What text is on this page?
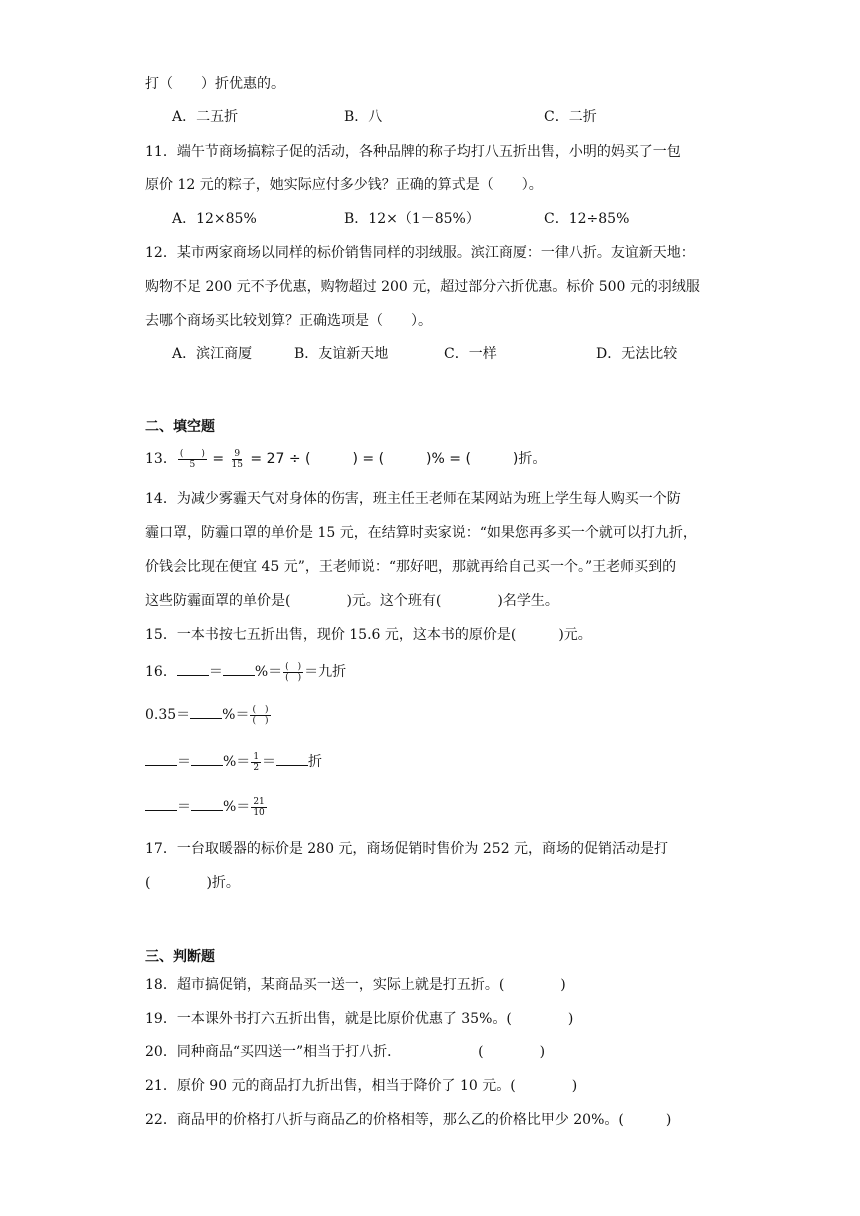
打（　　）折优惠的。
A．二五折	B．八	C．二折
11．端午节商场搞粽子促的活动，各种品牌的称子均打八五折出售，小明的妈买了一包
原价 12 元的粽子，她实际应付多少钱？正确的算式是（　　）。
A．12×85%	B．12×（1－85%）	C．12÷85%
12．某市两家商场以同样的标价销售同样的羽绒服。滨江商厦：一律八折。友谊新天地：
购物不足 200 元不予优惠，购物超过 200 元，超过部分六折优惠。标价 500 元的羽绒服
去哪个商场买比较划算？正确选项是（　　）。
A．滨江商厦	B．友谊新天地	C．一样	D．无法比较
二、填空题
13． $\frac{( )}{5} = \frac{9}{15} = 27$ ÷ (　　　) = (　　　)% = (　　　)折。
14．为减少雾霾天气对身体的伤害，班主任王老师在某网站为班上学生每人购买一个防
霾口罩，防霾口罩的单价是 15 元，在结算时卖家说：“如果您再多买一个就可以打九折，
价钱会比现在便宜 45 元”，王老师说：“那好吧，那就再给自己买一个。”王老师买到的
这些防霾面罩的单价是(　　　　)元。这个班有(　　　　)名学生。
15．一本书按七五折出售，现价 15.6 元，这本书的原价是(　　　)元。
16． ＝ %＝ $\frac{( )}{( )}$ ＝九折
0.35＝ %＝ $\frac{( )}{( )}$
＝ %＝ $\frac{1}{2}$ ＝ 折
＝ %＝ $\frac{21}{10}$
17．一台取暖器的标价是 280 元，商场促销时售价为 252 元，商场的促销活动是打
(　　　　)折。
三、判断题
18．超市搞促销，某商品买一送一，实际上就是打五折。(　　　　)
19．一本课外书打六五折出售，就是比原价优惠了 35%。(　　　　)
20．同种商品“买四送一”相当于打八折．　　　　　　(　　　　)
21．原价 90 元的商品打九折出售，相当于降价了 10 元。(　　　　)
22．商品甲的价格打八折与商品乙的价格相等，那么乙的价格比甲少 20%。(　　　)
